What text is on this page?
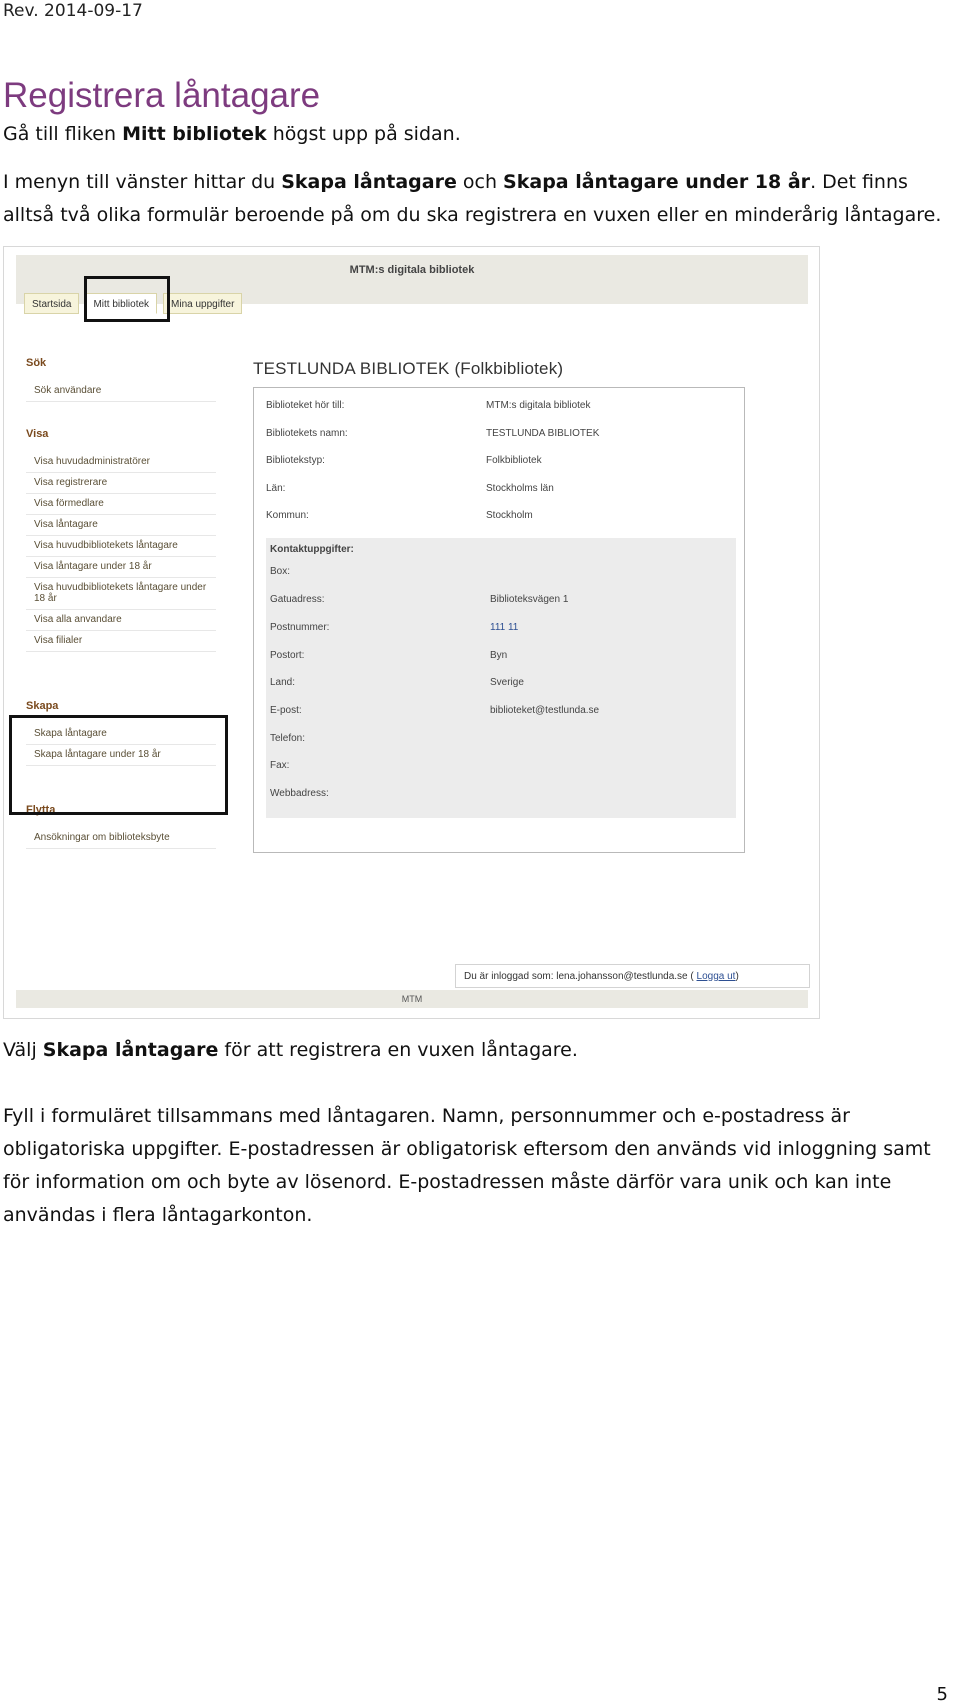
Rev. 2014-09-17
Registrera låntagare

Gå till fliken Mitt bibliotek högst upp på sidan.

I menyn till vänster hittar du Skapa låntagare och Skapa låntagare under 18 år. Det finns alltså två olika formulär beroende på om du ska registrera en vuxen eller en minderårig låntagare.

MTM:s digitala bibliotek
Startsida	Mitt bibliotek	Mina uppgifter
Sök
Sök användare
Visa
Visa huvudadministratörer
Visa registrerare
Visa förmedlare
Visa låntagare
Visa huvudbibliotekets låntagare
Visa låntagare under 18 år
Visa huvudbibliotekets låntagare under 18 år
Visa alla anvandare
Visa filialer
Skapa
Skapa låntagare
Skapa låntagare under 18 år
Flytta
Ansökningar om biblioteksbyte
TESTLUNDA BIBLIOTEK (Folkbibliotek)
Biblioteket hör till:	MTM:s digitala bibliotek
Bibliotekets namn:	TESTLUNDA BIBLIOTEK
Bibliotekstyp:	Folkbibliotek
Län:	Stockholms län
Kommun:	Stockholm
Kontaktuppgifter:
Box:
Gatuadress:	Biblioteksvägen 1
Postnummer:	111 11
Postort:	Byn
Land:	Sverige
E-post:	biblioteket@testlunda.se
Telefon:
Fax:
Webbadress:
Du är inloggad som: lena.johansson@testlunda.se ( Logga ut)
MTM

Välj Skapa låntagare för att registrera en vuxen låntagare.

Fyll i formuläret tillsammans med låntagaren. Namn, personnummer och e-postadress är obligatoriska uppgifter. E-postadressen är obligatorisk eftersom den används vid inloggning samt för information om och byte av lösenord. E-postadressen måste därför vara unik och kan inte användas i flera låntagarkonton.

5
